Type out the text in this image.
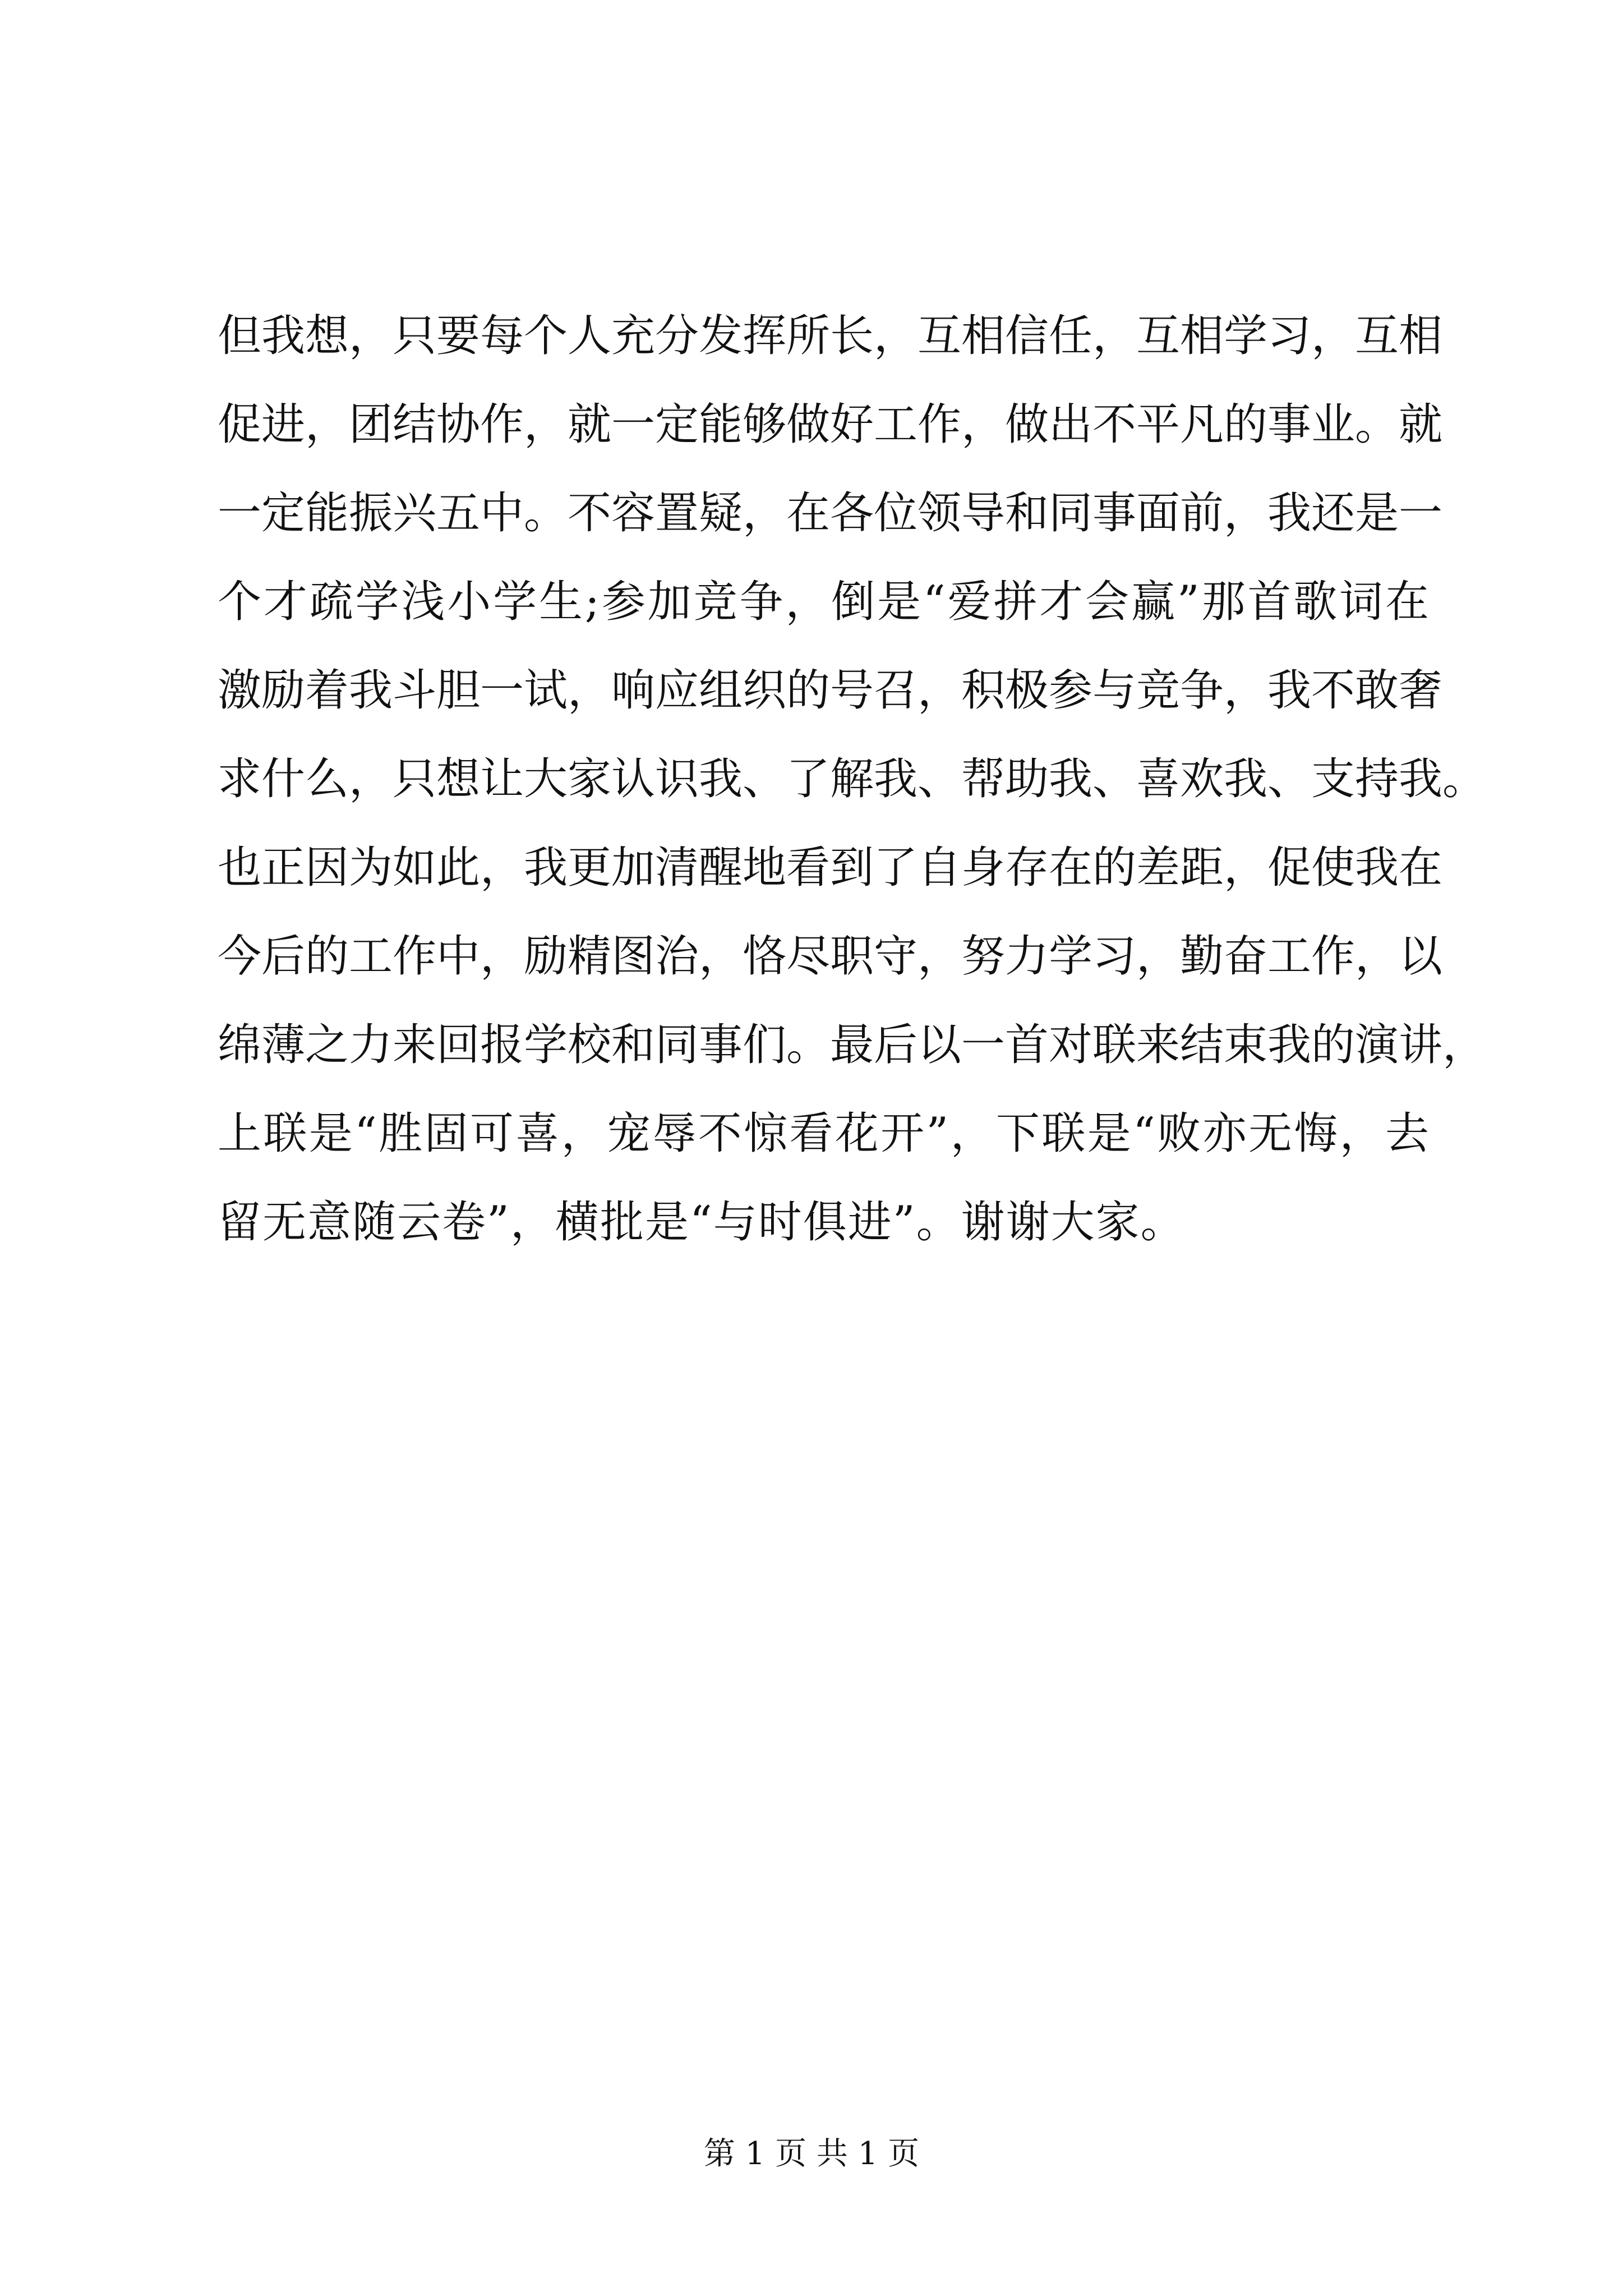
但我想，只要每个人充分发挥所长，互相信任，互相学习，互相
促进，团结协作，就一定能够做好工作，做出不平凡的事业。就
一定能振兴五中。不容置疑，在各位领导和同事面前，我还是一
个才疏学浅小学生;参加竞争，倒是“爱拼才会赢”那首歌词在
激励着我斗胆一试，响应组织的号召，积极参与竞争，我不敢奢
求什么，只想让大家认识我、了解我、帮助我、喜欢我、支持我。
也正因为如此，我更加清醒地看到了自身存在的差距，促使我在
今后的工作中，励精图治，恪尽职守，努力学习，勤奋工作，以
绵薄之力来回报学校和同事们。最后以一首对联来结束我的演讲，
上联是“胜固可喜，宠辱不惊看花开”，下联是“败亦无悔，去
留无意随云卷”，横批是“与时俱进”。谢谢大家。
第 1 页 共 1 页
